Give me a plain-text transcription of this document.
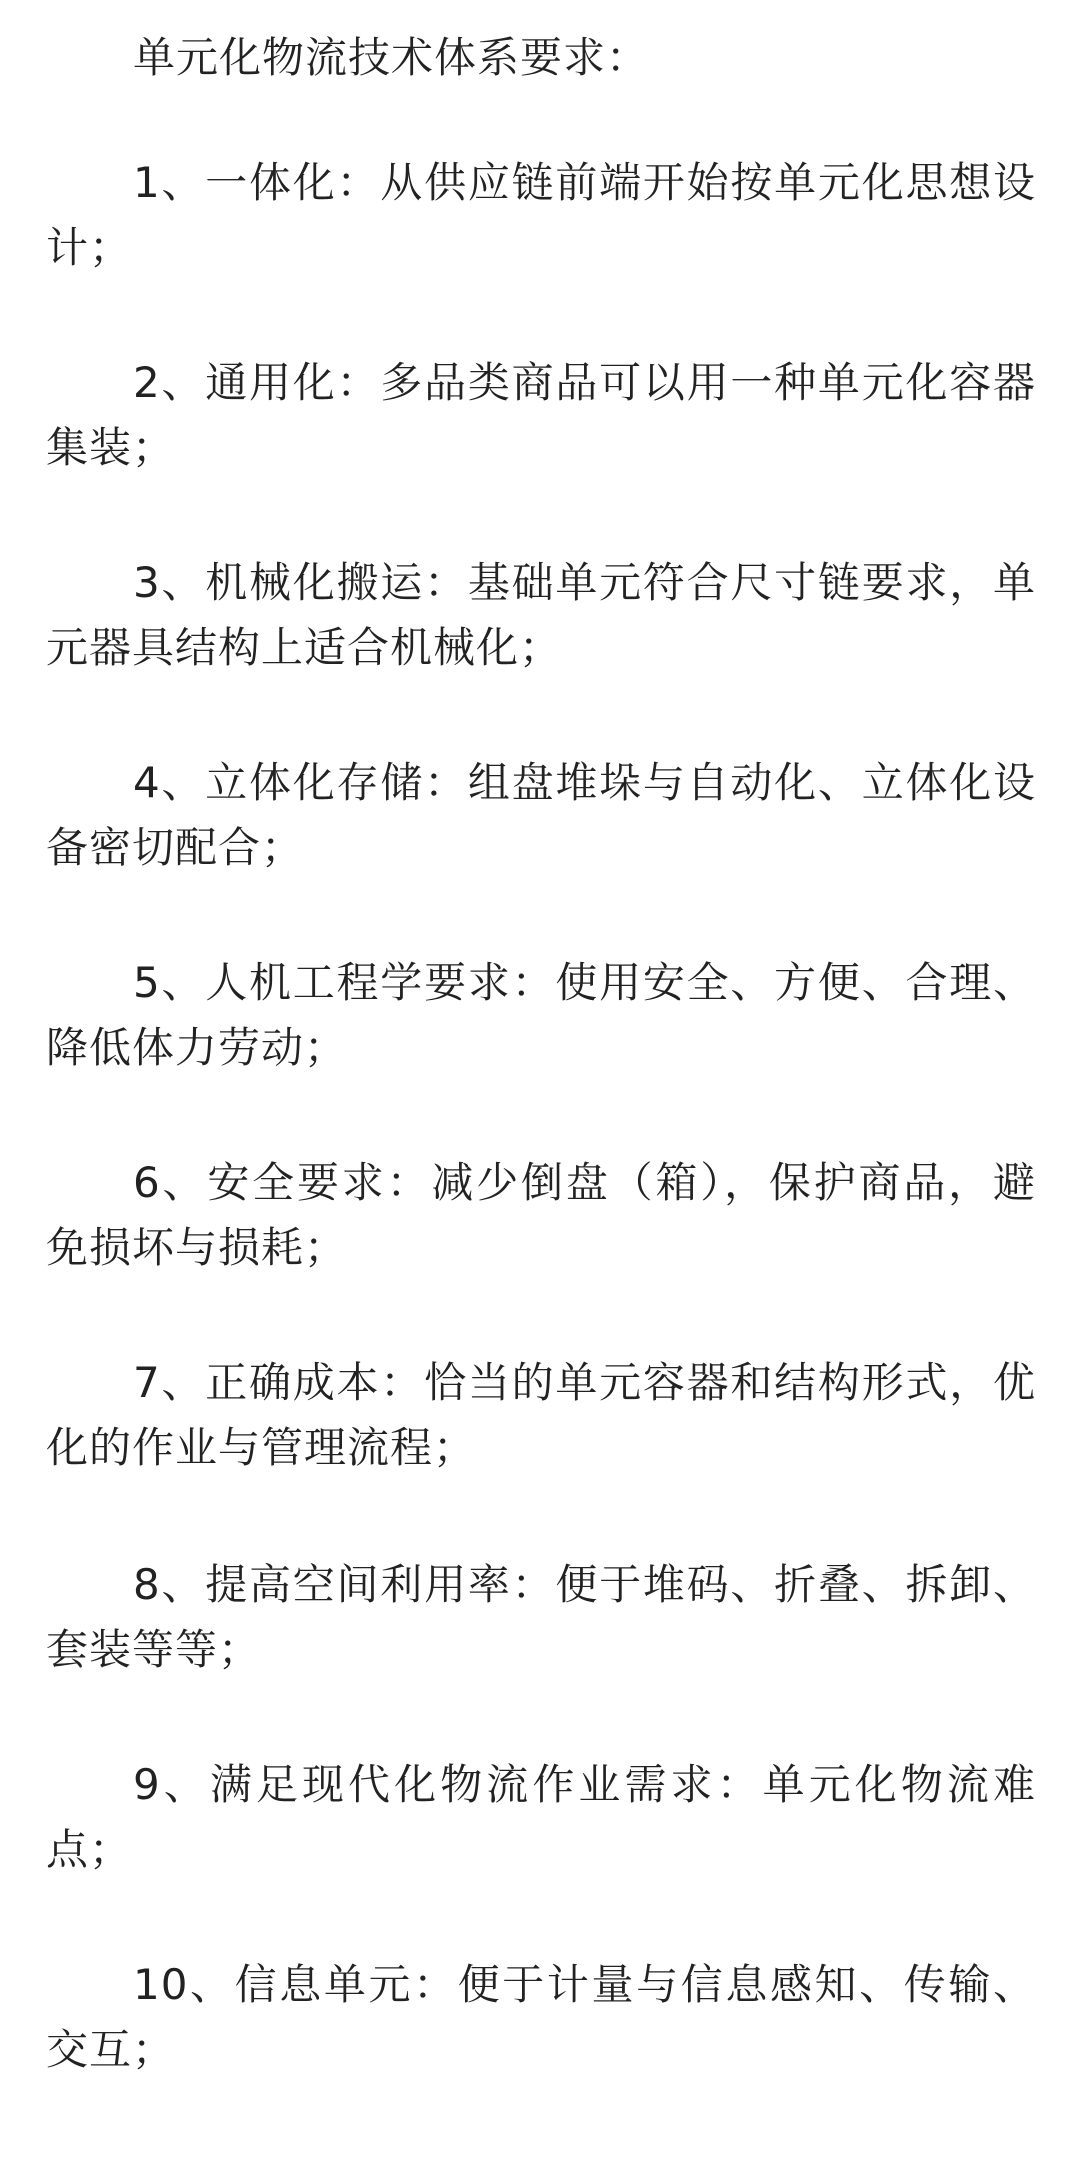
单元化物流技术体系要求：
1、一体化：从供应链前端开始按单元化思想设计；
2、通用化：多品类商品可以用一种单元化容器集装；
3、机械化搬运：基础单元符合尺寸链要求，单元器具结构上适合机械化；
4、立体化存储：组盘堆垛与自动化、立体化设备密切配合；
5、人机工程学要求：使用安全、方便、合理、降低体力劳动；
6、安全要求：减少倒盘（箱），保护商品，避免损坏与损耗；
7、正确成本：恰当的单元容器和结构形式，优化的作业与管理流程；
8、提高空间利用率：便于堆码、折叠、拆卸、套装等等；
9、满足现代化物流作业需求：单元化物流难点；
10、信息单元：便于计量与信息感知、传输、交互；
